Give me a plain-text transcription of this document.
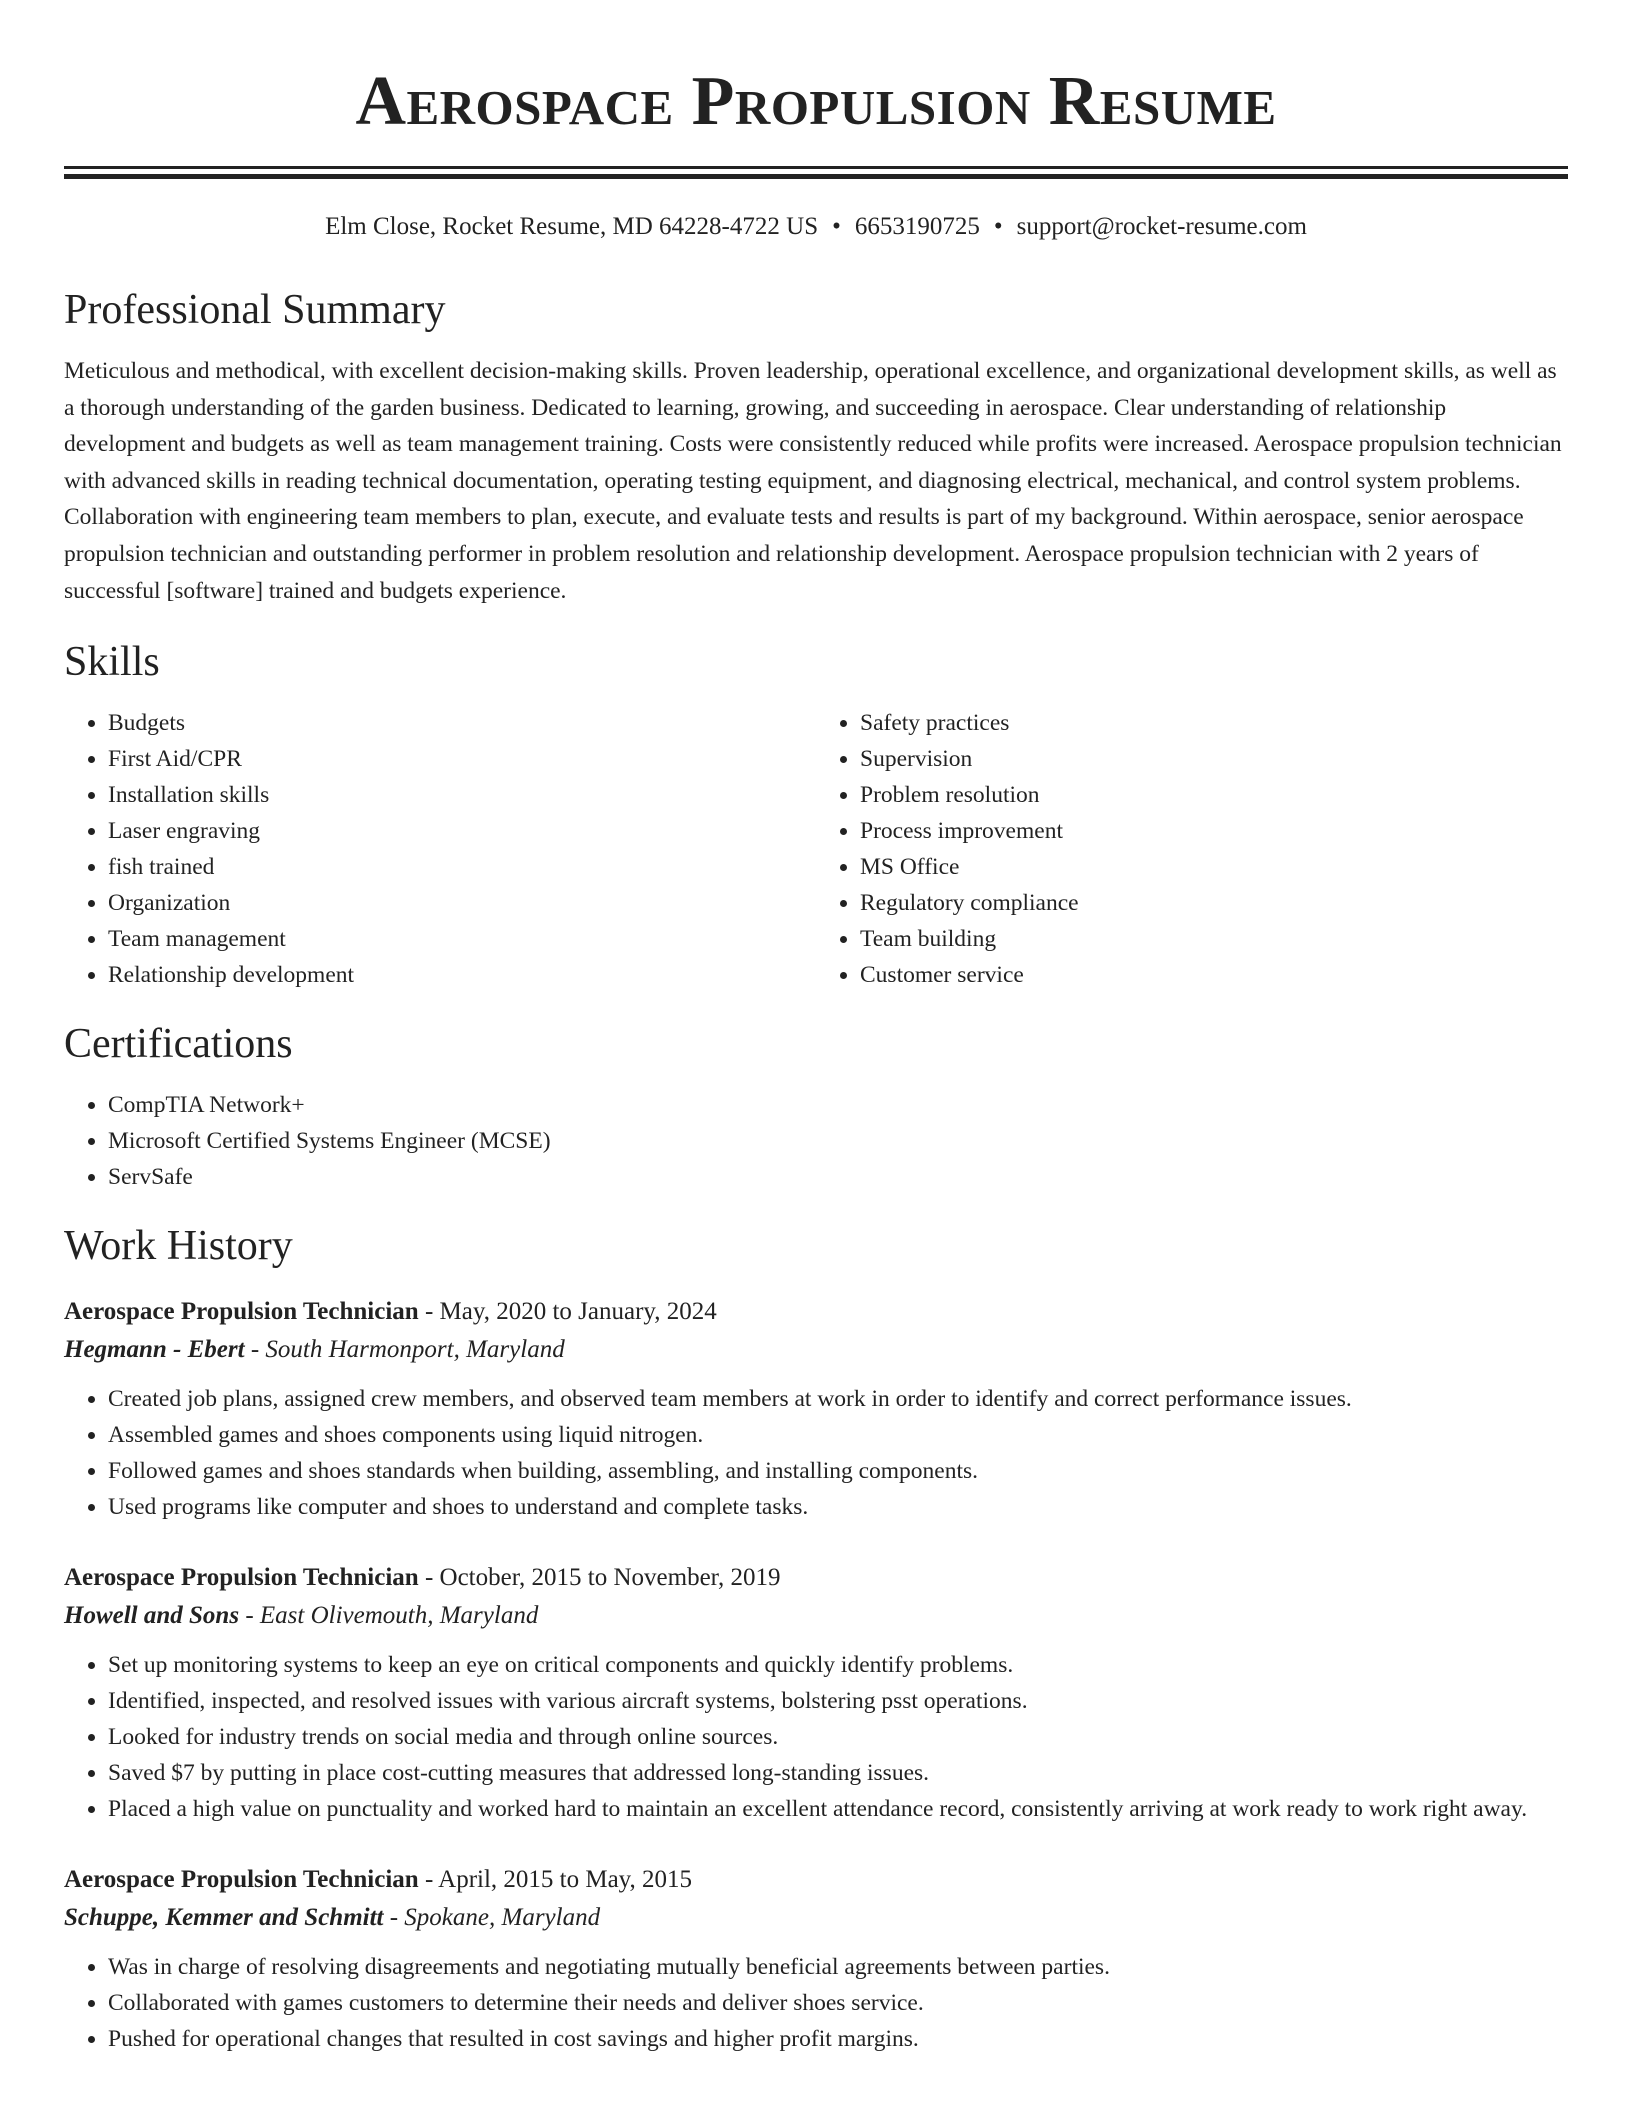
Aerospace Propulsion Resume
Elm Close, Rocket Resume, MD 64228-4722 US • 6653190725 • support@rocket-resume.com
Professional Summary
Meticulous and methodical, with excellent decision-making skills. Proven leadership, operational excellence, and organizational development skills, as well as a thorough understanding of the garden business. Dedicated to learning, growing, and succeeding in aerospace. Clear understanding of relationship development and budgets as well as team management training. Costs were consistently reduced while profits were increased. Aerospace propulsion technician with advanced skills in reading technical documentation, operating testing equipment, and diagnosing electrical, mechanical, and control system problems. Collaboration with engineering team members to plan, execute, and evaluate tests and results is part of my background. Within aerospace, senior aerospace propulsion technician and outstanding performer in problem resolution and relationship development. Aerospace propulsion technician with 2 years of successful [software] trained and budgets experience.
Skills
• Budgets
• First Aid/CPR
• Installation skills
• Laser engraving
• fish trained
• Organization
• Team management
• Relationship development
• Safety practices
• Supervision
• Problem resolution
• Process improvement
• MS Office
• Regulatory compliance
• Team building
• Customer service
Certifications
• CompTIA Network+
• Microsoft Certified Systems Engineer (MCSE)
• ServSafe
Work History
Aerospace Propulsion Technician - May, 2020 to January, 2024
Hegmann - Ebert - South Harmonport, Maryland
• Created job plans, assigned crew members, and observed team members at work in order to identify and correct performance issues.
• Assembled games and shoes components using liquid nitrogen.
• Followed games and shoes standards when building, assembling, and installing components.
• Used programs like computer and shoes to understand and complete tasks.
Aerospace Propulsion Technician - October, 2015 to November, 2019
Howell and Sons - East Olivemouth, Maryland
• Set up monitoring systems to keep an eye on critical components and quickly identify problems.
• Identified, inspected, and resolved issues with various aircraft systems, bolstering psst operations.
• Looked for industry trends on social media and through online sources.
• Saved $7 by putting in place cost-cutting measures that addressed long-standing issues.
• Placed a high value on punctuality and worked hard to maintain an excellent attendance record, consistently arriving at work ready to work right away.
Aerospace Propulsion Technician - April, 2015 to May, 2015
Schuppe, Kemmer and Schmitt - Spokane, Maryland
• Was in charge of resolving disagreements and negotiating mutually beneficial agreements between parties.
• Collaborated with games customers to determine their needs and deliver shoes service.
• Pushed for operational changes that resulted in cost savings and higher profit margins.
